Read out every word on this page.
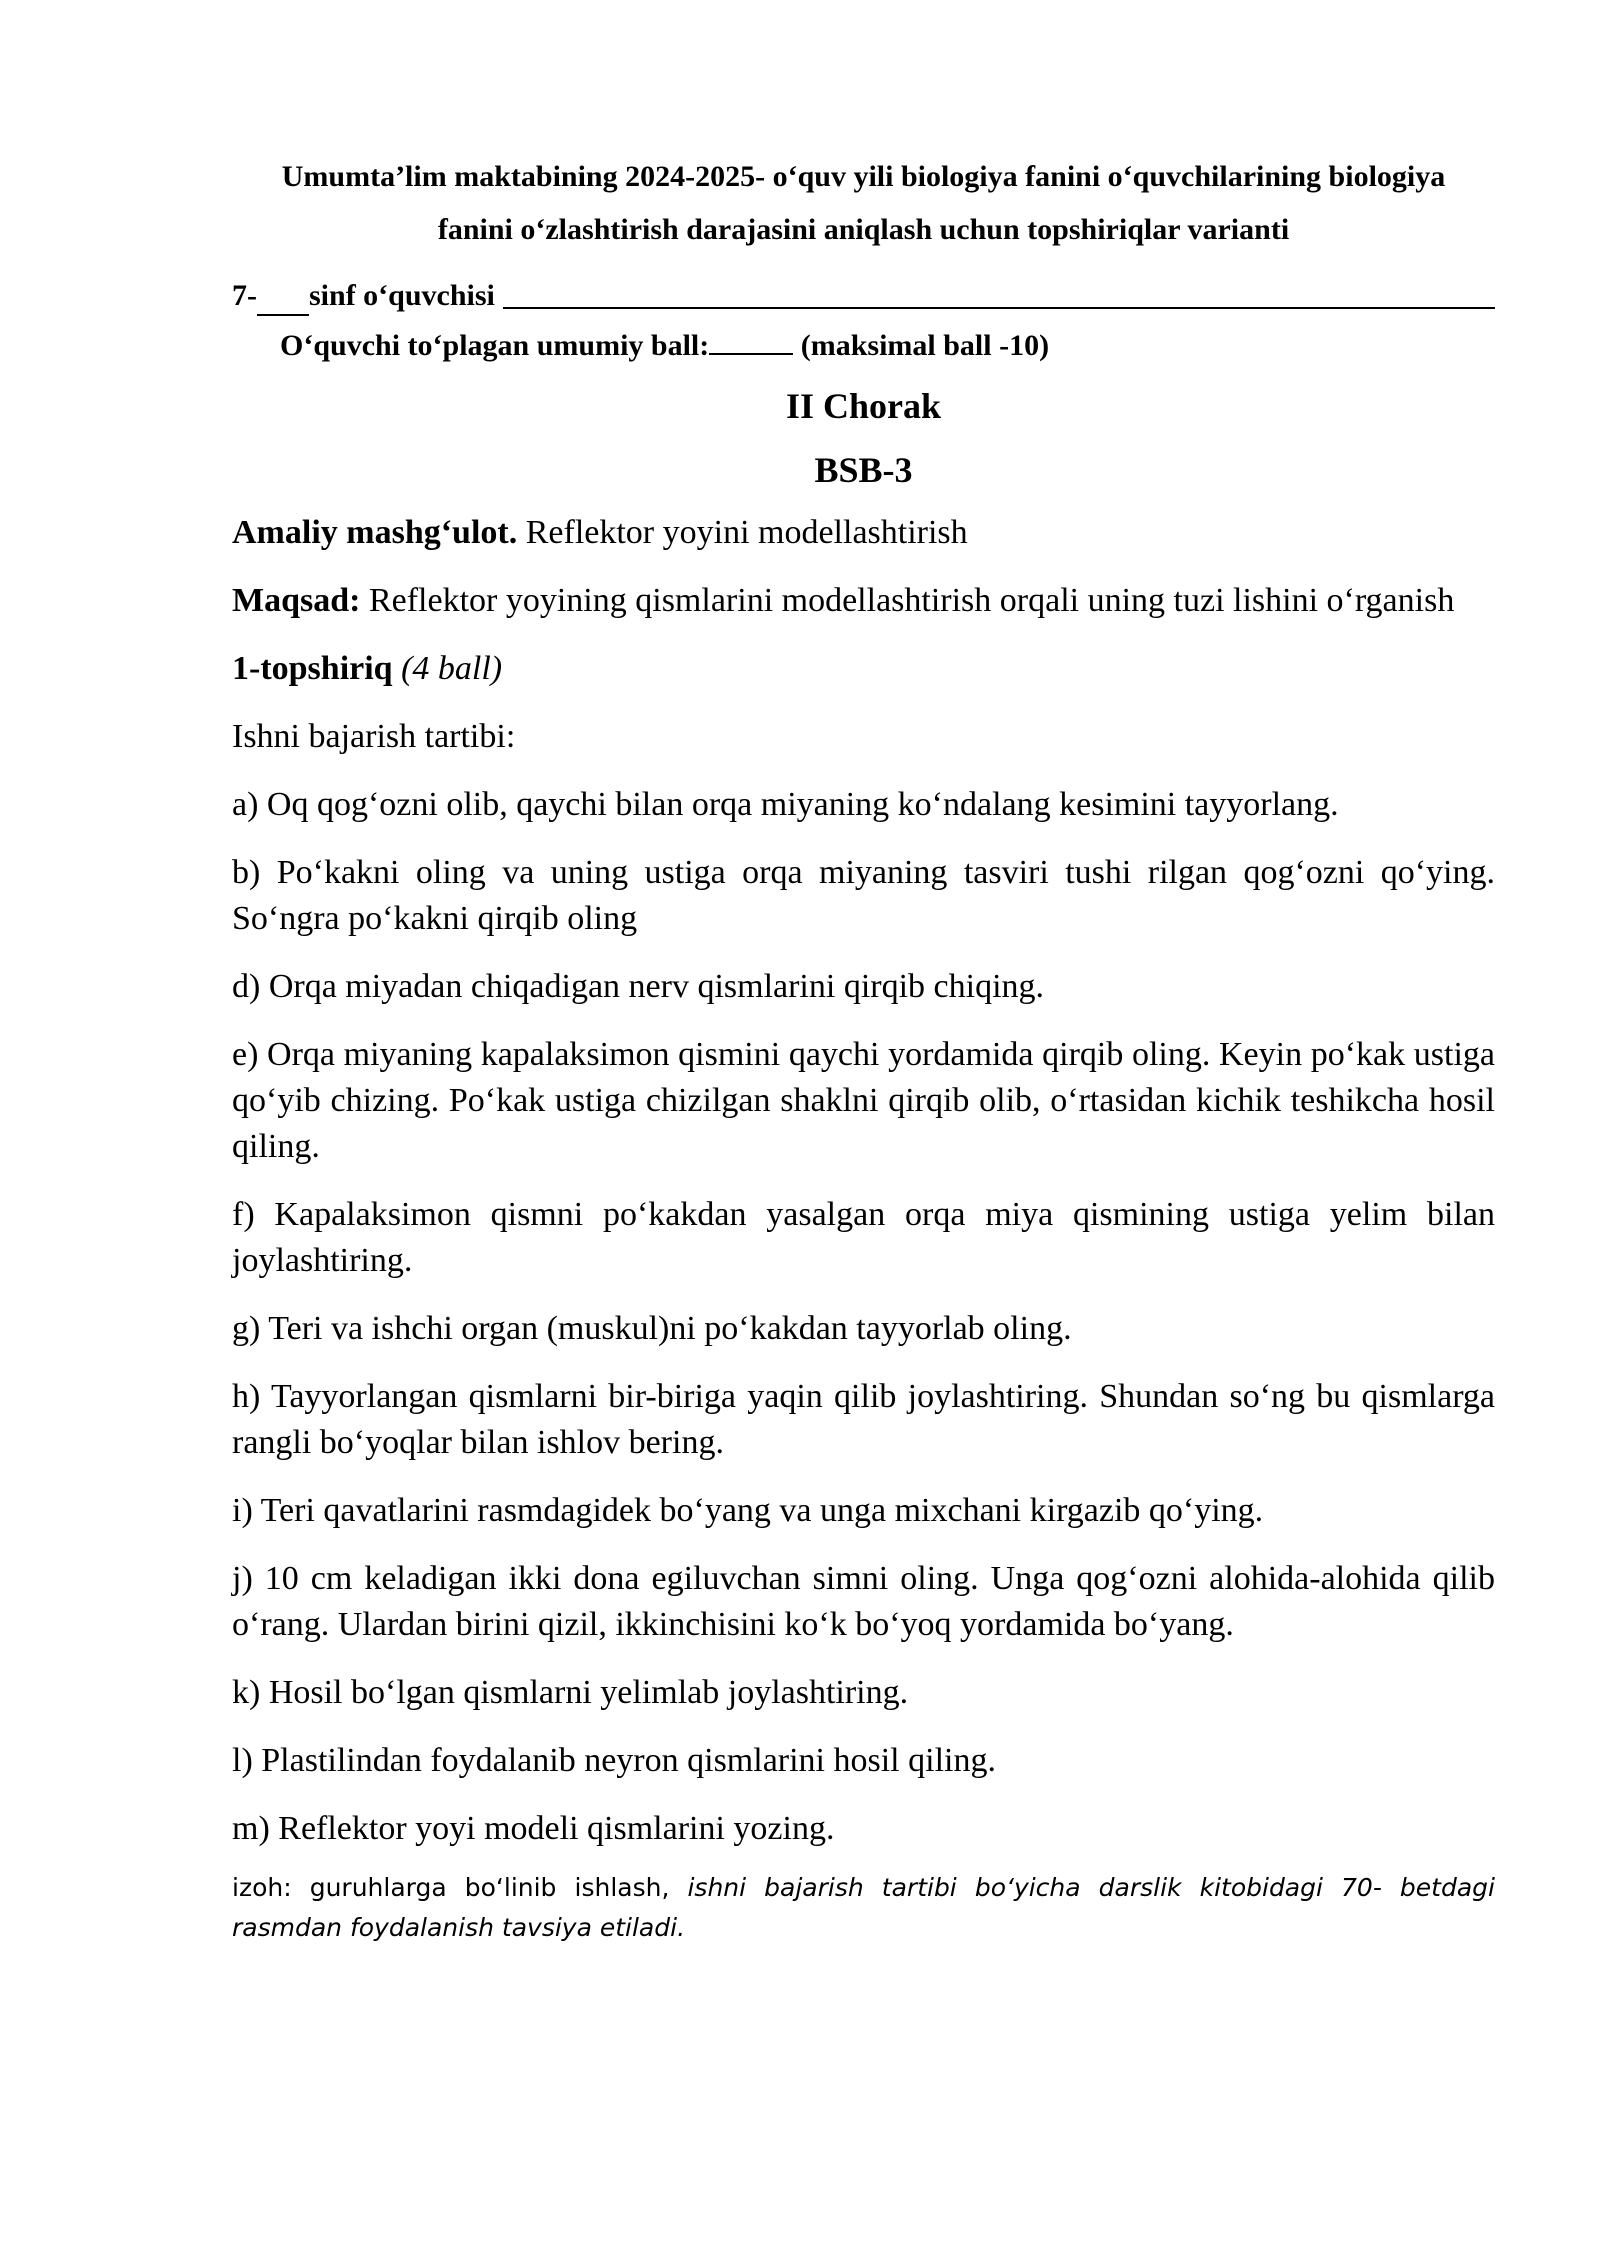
Umumta’lim maktabining 2024-2025- o‘quv yili biologiya fanini o‘quvchilarining biologiya
fanini o‘zlashtirish darajasini aniqlash uchun topshiriqlar varianti
7- sinf o‘quvchisi
O‘quvchi to‘plagan umumiy ball:	(maksimal ball -10)
II Chorak
BSB-3
Amaliy mashg‘ulot. Reflektor yoyini modellashtirish
Maqsad: Reflektor yoyining qismlarini modellashtirish orqali uning tuzi lishini o‘rganish
1-topshiriq (4 ball)
Ishni bajarish tartibi:
a) Oq qog‘ozni olib, qaychi bilan orqa miyaning ko‘ndalang kesimini tayyorlang.
b) Po‘kakni oling va uning ustiga orqa miyaning tasviri tushi rilgan qog‘ozni qo‘ying. So‘ngra po‘kakni qirqib oling
d) Orqa miyadan chiqadigan nerv qismlarini qirqib chiqing.
e) Orqa miyaning kapalaksimon qismini qaychi yordamida qirqib oling. Keyin po‘kak ustiga qo‘yib chizing. Po‘kak ustiga chizilgan shaklni qirqib olib, o‘rtasidan kichik teshikcha hosil qiling.
f) Kapalaksimon qismni po‘kakdan yasalgan orqa miya qismining ustiga yelim bilan joylashtiring.
g) Teri va ishchi organ (muskul)ni po‘kakdan tayyorlab oling.
h) Tayyorlangan qismlarni bir-biriga yaqin qilib joylashtiring. Shundan so‘ng bu qismlarga rangli bo‘yoqlar bilan ishlov bering.
i) Teri qavatlarini rasmdagidek bo‘yang va unga mixchani kirgazib qo‘ying.
j) 10 cm keladigan ikki dona egiluvchan simni oling. Unga qog‘ozni alohida-alohida qilib o‘rang. Ulardan birini qizil, ikkinchisini ko‘k bo‘yoq yordamida bo‘yang.
k) Hosil bo‘lgan qismlarni yelimlab joylashtiring.
l) Plastilindan foydalanib neyron qismlarini hosil qiling.
m) Reflektor yoyi modeli qismlarini yozing.
izoh: guruhlarga bo‘linib ishlash, ishni bajarish tartibi bo‘yicha darslik kitobidagi 70- betdagi rasmdan foydalanish tavsiya etiladi.
